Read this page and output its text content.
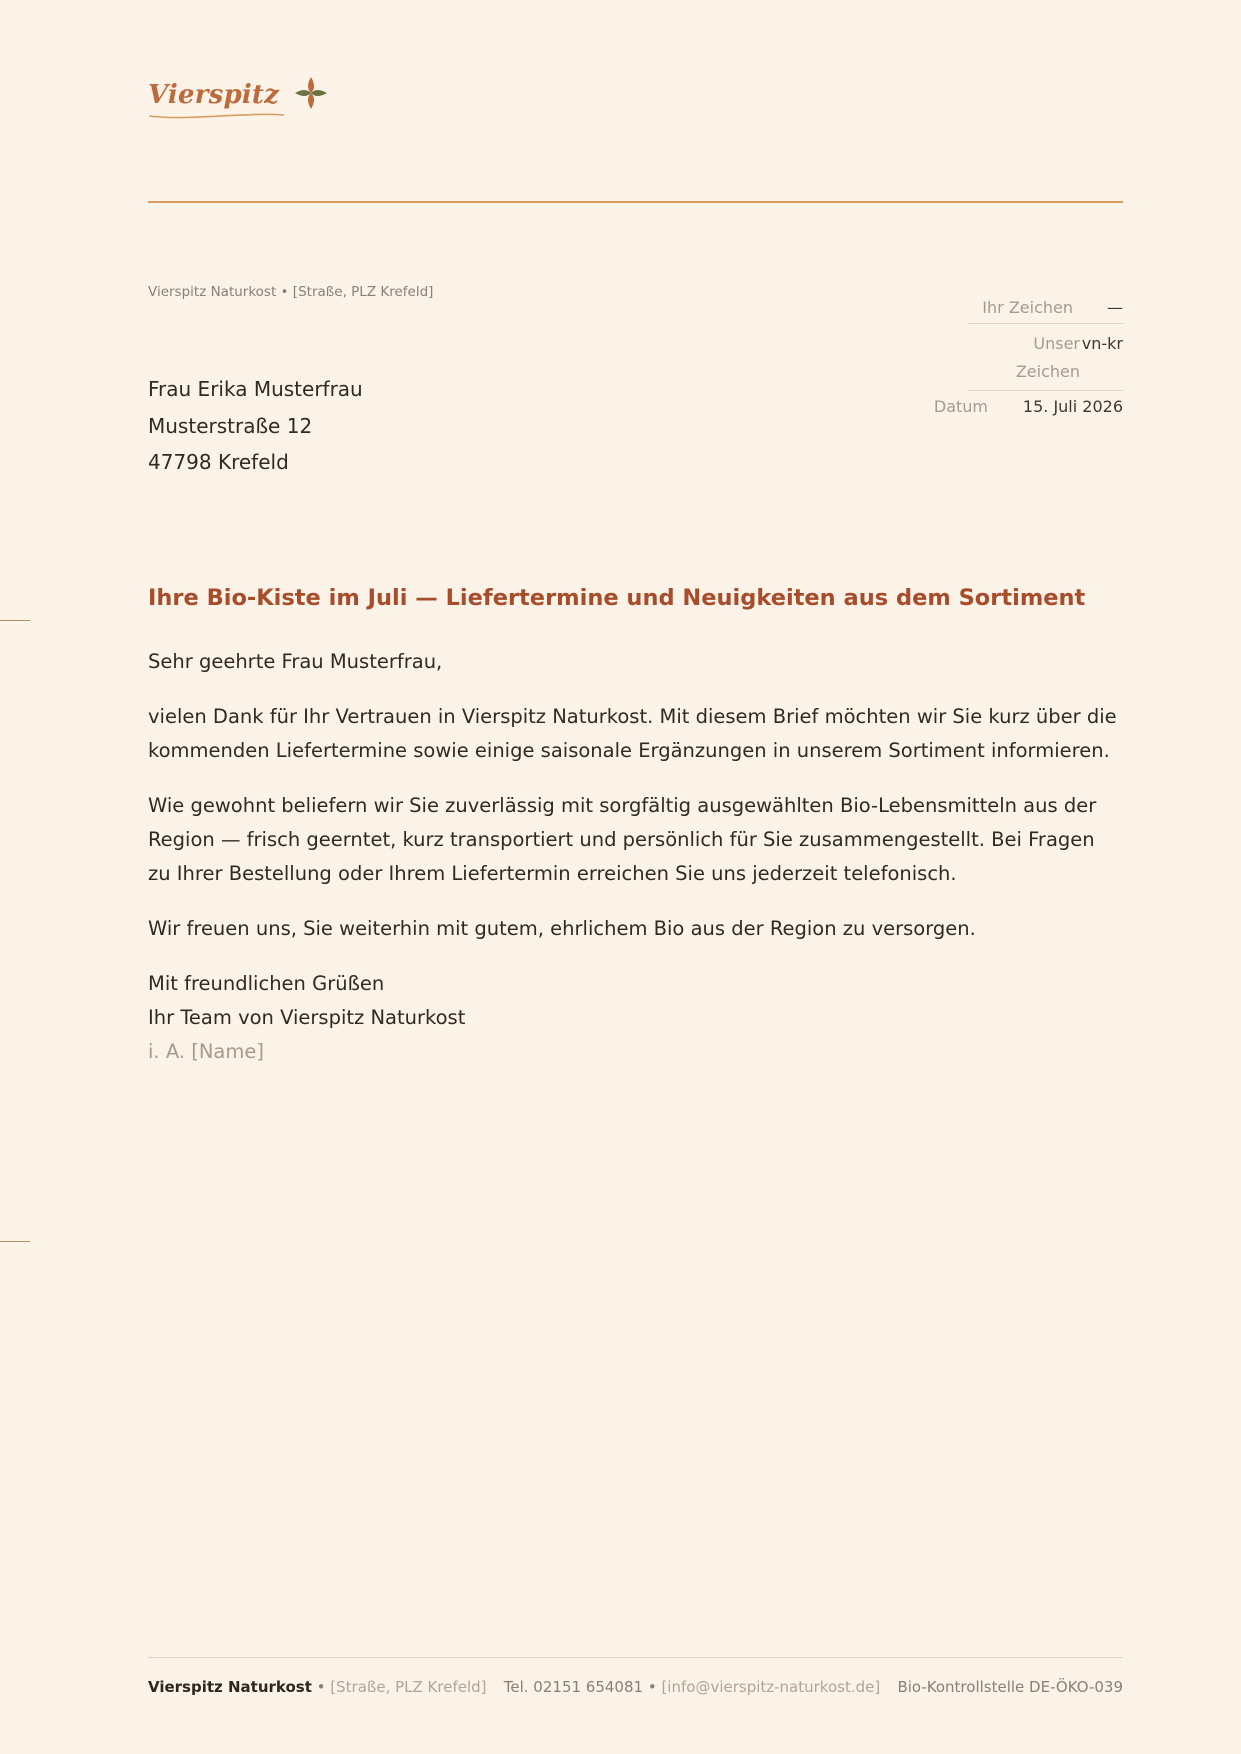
Vierspitz
Vierspitz Naturkost • [Straße, PLZ Krefeld]
Ihr Zeichen	—
Unser Zeichen
vn-kr
Datum	15. Juli 2026
Frau Erika Musterfrau
Musterstraße 12
47798 Krefeld
Ihre Bio-Kiste im Juli — Liefertermine und Neuigkeiten aus dem Sortiment

Sehr geehrte Frau Musterfrau,

vielen Dank für Ihr Vertrauen in Vierspitz Naturkost. Mit diesem Brief möchten wir Sie kurz über die kommenden Liefertermine sowie einige saisonale Ergänzungen in unserem Sortiment informieren.

Wie gewohnt beliefern wir Sie zuverlässig mit sorgfältig ausgewählten Bio-Lebensmitteln aus der Region — frisch geerntet, kurz transportiert und persönlich für Sie zusammengestellt. Bei Fragen zu Ihrer Bestellung oder Ihrem Liefertermin erreichen Sie uns jederzeit telefonisch.

Wir freuen uns, Sie weiterhin mit gutem, ehrlichem Bio aus der Region zu versorgen.

Mit freundlichen Grüßen
Ihr Team von Vierspitz Naturkost
i. A. [Name]
Vierspitz Naturkost • [Straße, PLZ Krefeld] Tel. 02151 654081 • [info@vierspitz-naturkost.de] Bio-Kontrollstelle DE-ÖKO-039
